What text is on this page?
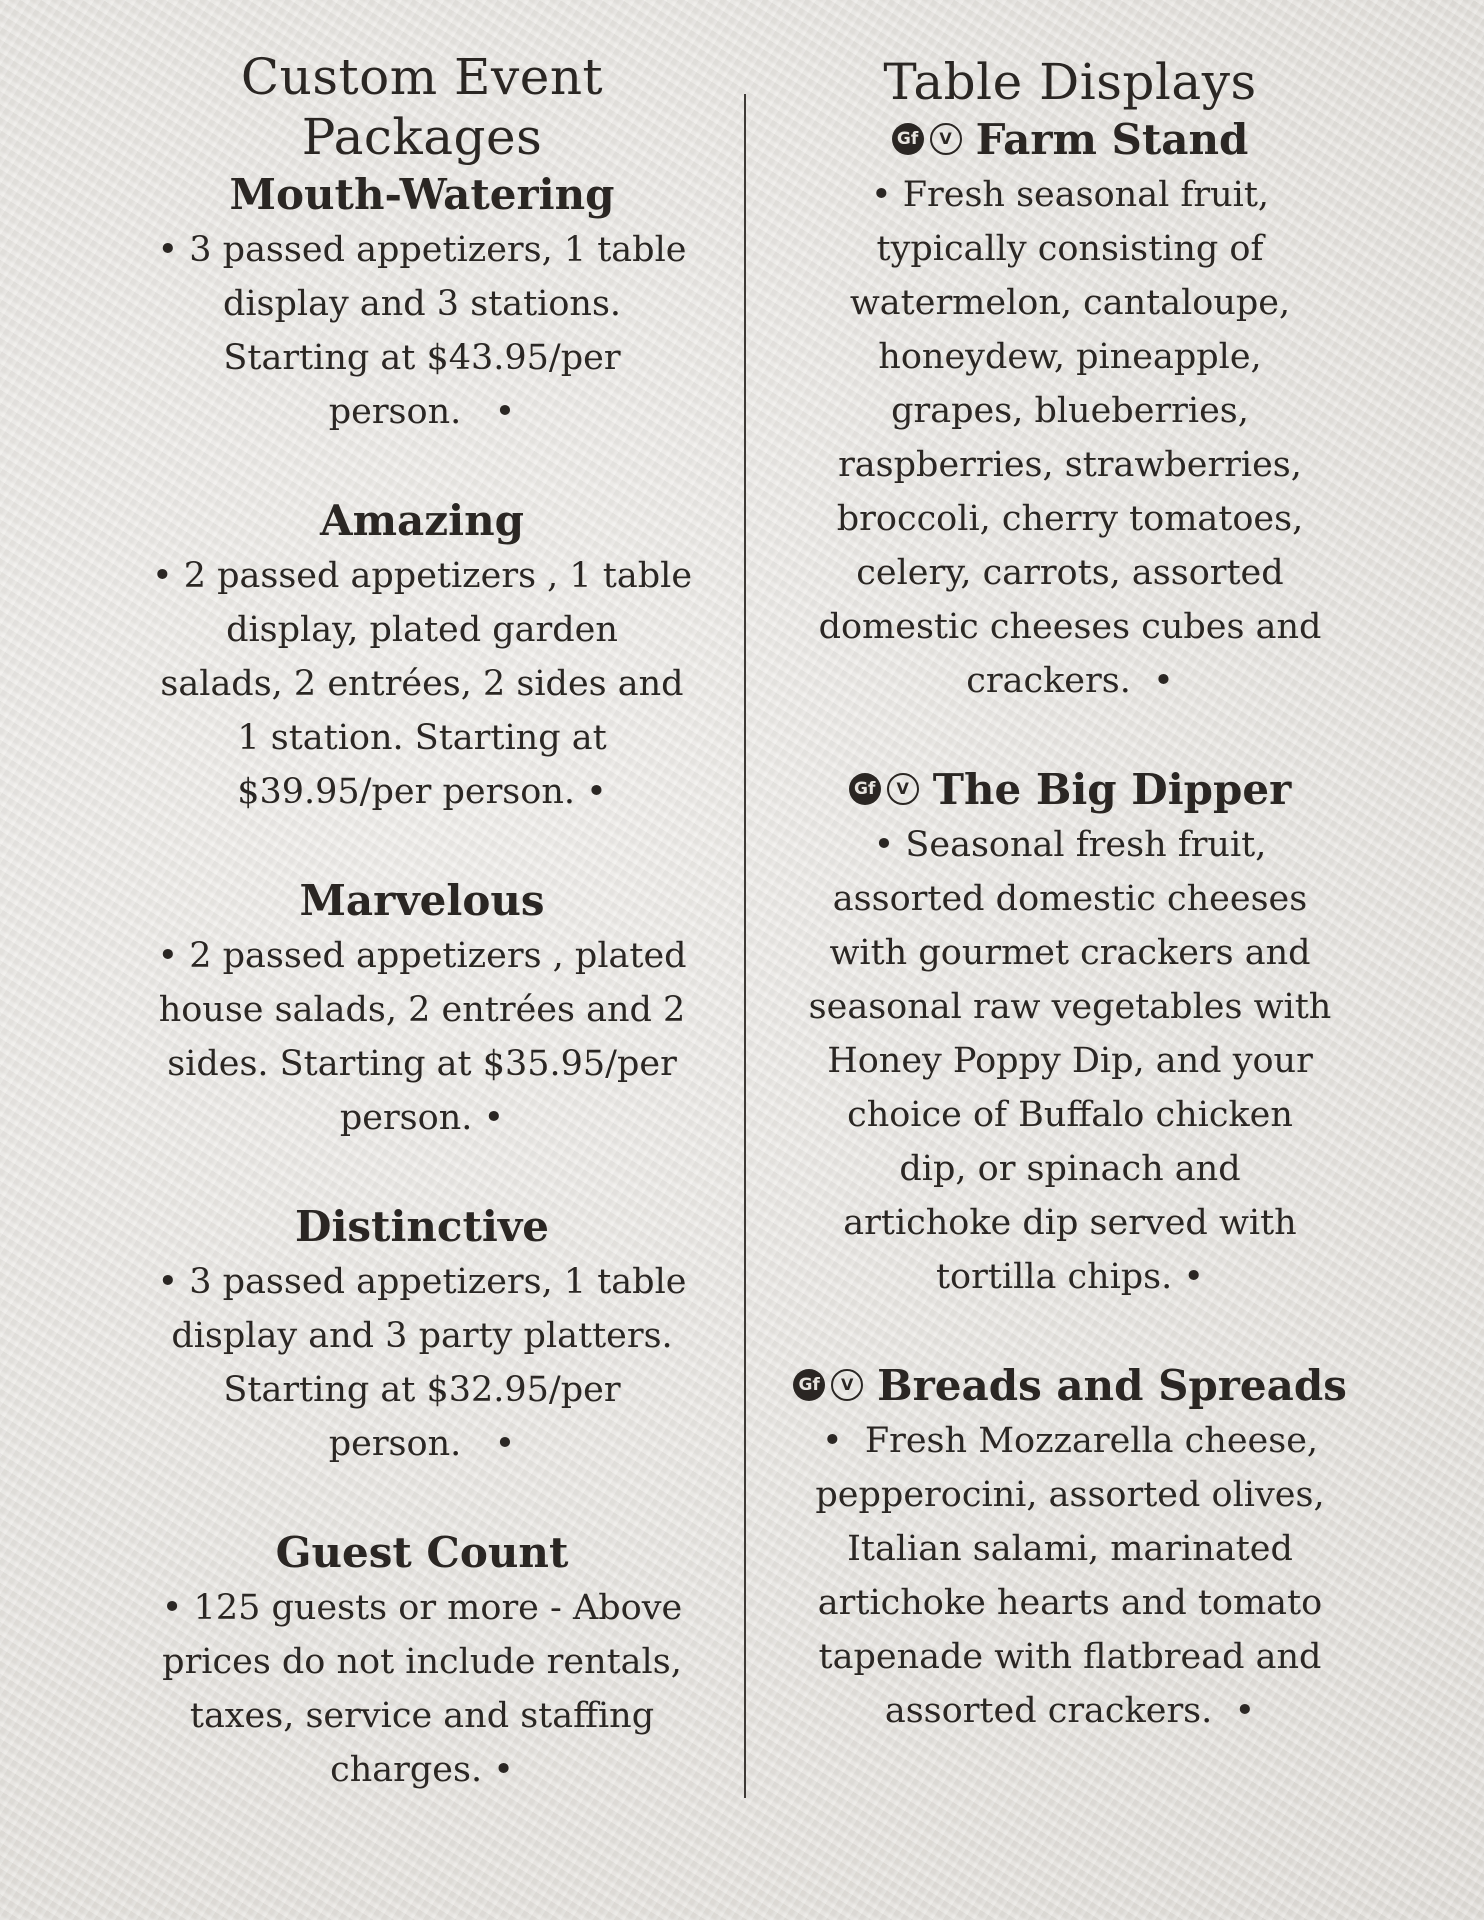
Custom Event Packages
Mouth-Watering
• 3 passed appetizers, 1 table
display and 3 stations.
Starting at $43.95/per
person.   •
Amazing
• 2 passed appetizers , 1 table
display, plated garden
salads, 2 entrées, 2 sides and
1 station. Starting at
$39.95/per person. •
Marvelous
• 2 passed appetizers , plated
house salads, 2 entrées and 2
sides. Starting at $35.95/per
person. •
Distinctive
• 3 passed appetizers, 1 table
display and 3 party platters.
Starting at $32.95/per
person.   •
Guest Count
• 125 guests or more - Above
prices do not include rentals,
taxes, service and staffing
charges. •
Table Displays
Gf	V Farm Stand
• Fresh seasonal fruit,
typically consisting of
watermelon, cantaloupe,
honeydew, pineapple,
grapes, blueberries,
raspberries, strawberries,
broccoli, cherry tomatoes,
celery, carrots, assorted
domestic cheeses cubes and
crackers.  •
Gf	V The Big Dipper
• Seasonal fresh fruit,
assorted domestic cheeses
with gourmet crackers and
seasonal raw vegetables with
Honey Poppy Dip, and your
choice of Buffalo chicken
dip, or spinach and
artichoke dip served with
tortilla chips. •
Gf	V Breads and Spreads
•  Fresh Mozzarella cheese,
pepperocini, assorted olives,
Italian salami, marinated
artichoke hearts and tomato
tapenade with flatbread and
assorted crackers.  •
